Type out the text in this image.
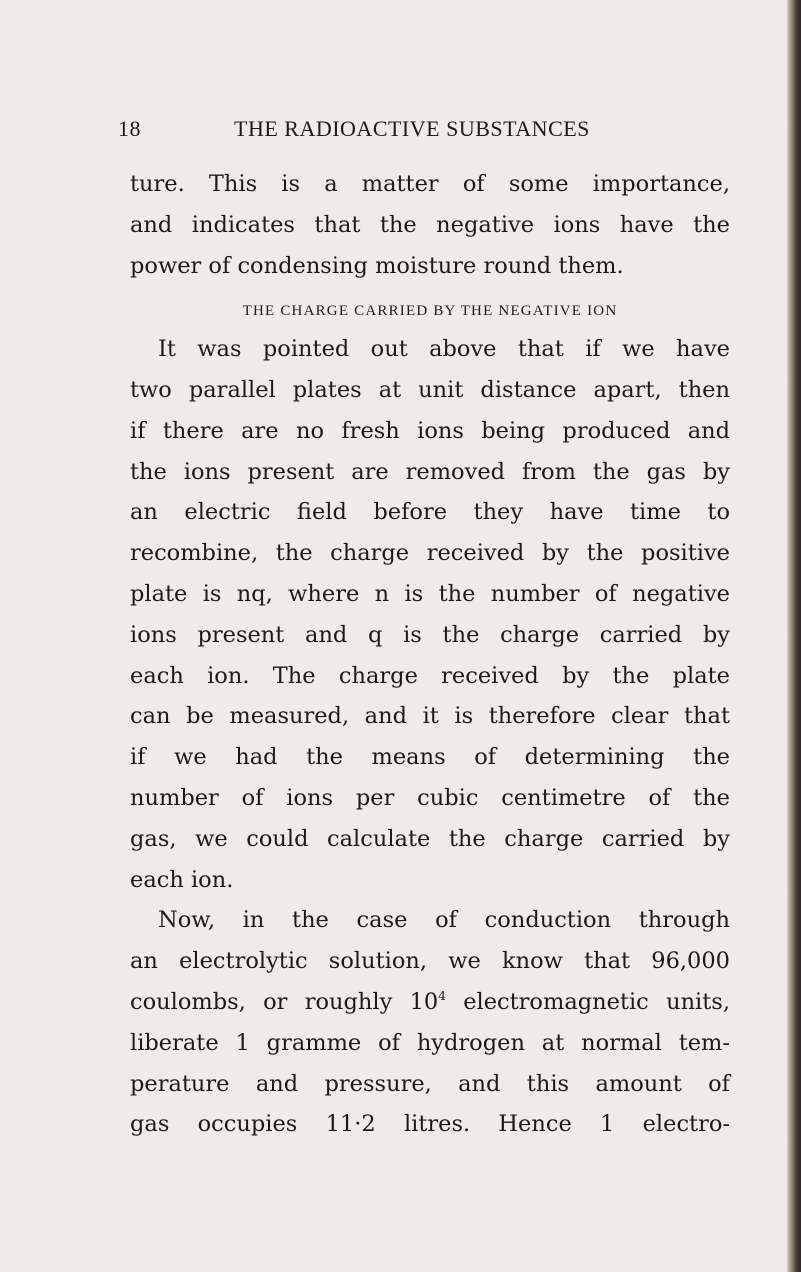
18	THE RADIOACTIVE SUBSTANCES
ture. This is a matter of some importance,
and indicates that the negative ions have the
power of condensing moisture round them.
THE CHARGE CARRIED BY THE NEGATIVE ION
It was pointed out above that if we have
two parallel plates at unit distance apart, then
if there are no fresh ions being produced and
the ions present are removed from the gas by
an electric field before they have time to
recombine, the charge received by the positive
plate is nq, where n is the number of negative
ions present and q is the charge carried by
each ion. The charge received by the plate
can be measured, and it is therefore clear that
if we had the means of determining the
number of ions per cubic centimetre of the
gas, we could calculate the charge carried by
each ion.
Now, in the case of conduction through
an electrolytic solution, we know that 96,000
coulombs, or roughly $10^4$ electromagnetic units,
liberate 1 gramme of hydrogen at normal tem-
perature and pressure, and this amount of
gas occupies 11·2 litres. Hence 1 electro-
